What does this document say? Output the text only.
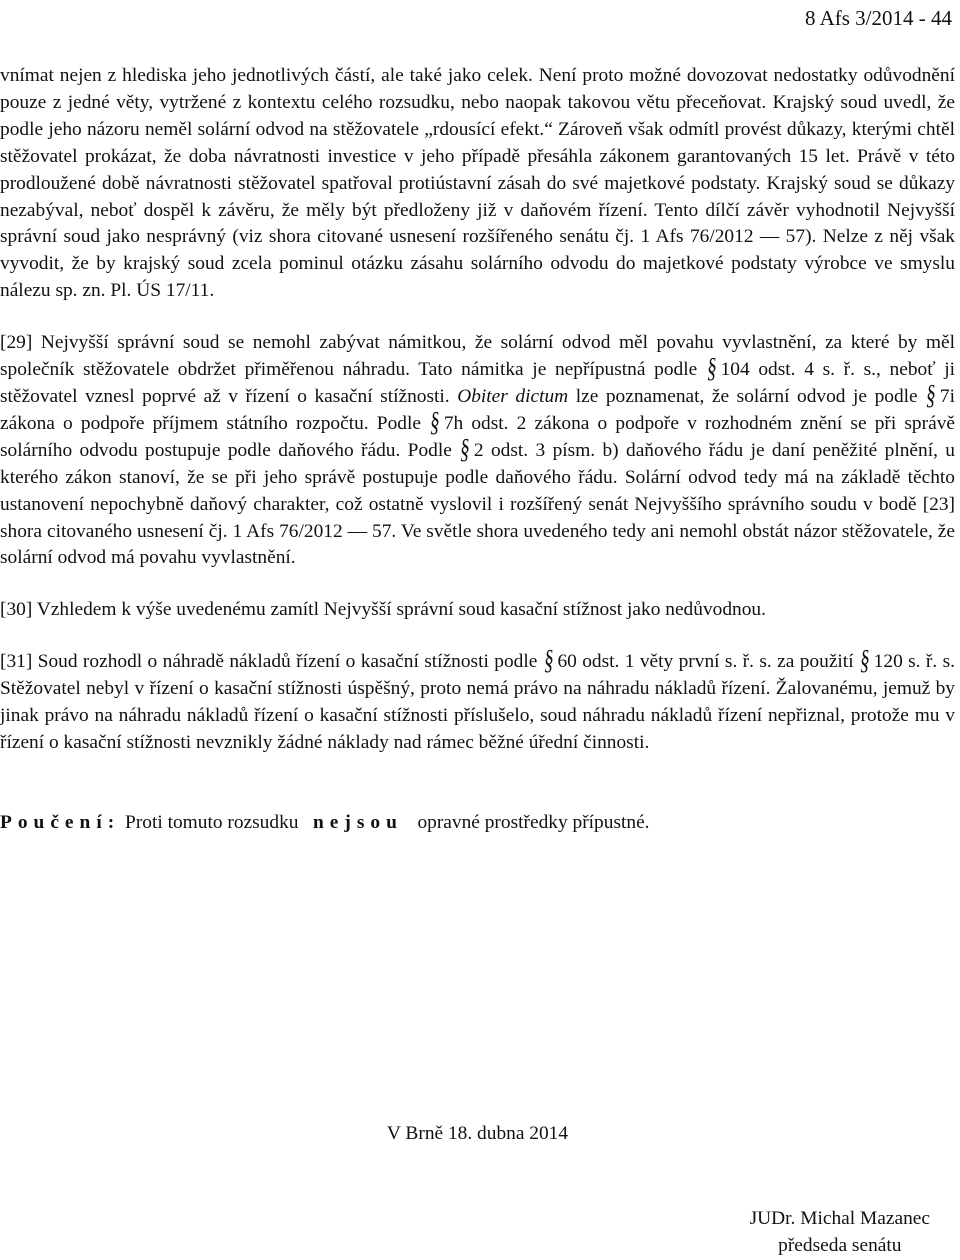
8 Afs 3/2014 - 44

vnímat nejen z hlediska jeho jednotlivých částí, ale také jako celek. Není proto možné dovozovat nedostatky odůvodnění pouze z jedné věty, vytržené z kontextu celého rozsudku, nebo naopak takovou větu přeceňovat. Krajský soud uvedl, že podle jeho názoru neměl solární odvod na stěžovatele „rdousící efekt.“ Zároveň však odmítl provést důkazy, kterými chtěl stěžovatel prokázat, že doba návratnosti investice v jeho případě přesáhla zákonem garantovaných 15 let. Právě v této prodloužené době návratnosti stěžovatel spatřoval protiústavní zásah do své majetkové podstaty. Krajský soud se důkazy nezabýval, neboť dospěl k závěru, že měly být předloženy již v daňovém řízení. Tento dílčí závěr vyhodnotil Nejvyšší správní soud jako nesprávný (viz shora citované usnesení rozšířeného senátu čj. 1 Afs 76/2012 — 57). Nelze z něj však vyvodit, že by krajský soud zcela pominul otázku zásahu solárního odvodu do majetkové podstaty výrobce ve smyslu nálezu sp. zn. Pl. ÚS 17/11.

[29] Nejvyšší správní soud se nemohl zabývat námitkou, že solární odvod měl povahu vyvlastnění, za které by měl společník stěžovatele obdržet přiměřenou náhradu. Tato námitka je nepřípustná podle § 104 odst. 4 s. ř. s., neboť ji stěžovatel vznesl poprvé až v řízení o kasační stížnosti. Obiter dictum lze poznamenat, že solární odvod je podle § 7i zákona o podpoře příjmem státního rozpočtu. Podle § 7h odst. 2 zákona o podpoře v rozhodném znění se při správě solárního odvodu postupuje podle daňového řádu. Podle § 2 odst. 3 písm. b) daňového řádu je daní peněžité plnění, u kterého zákon stanoví, že se při jeho správě postupuje podle daňového řádu. Solární odvod tedy má na základě těchto ustanovení nepochybně daňový charakter, což ostatně vyslovil i rozšířený senát Nejvyššího správního soudu v bodě [23] shora citovaného usnesení čj. 1 Afs 76/2012 — 57. Ve světle shora uvedeného tedy ani nemohl obstát názor stěžovatele, že solární odvod má povahu vyvlastnění.

[30] Vzhledem k výše uvedenému zamítl Nejvyšší správní soud kasační stížnost jako nedůvodnou.

[31] Soud rozhodl o náhradě nákladů řízení o kasační stížnosti podle § 60 odst. 1 věty první s. ř. s. za použití § 120 s. ř. s. Stěžovatel nebyl v řízení o kasační stížnosti úspěšný, proto nemá právo na náhradu nákladů řízení. Žalovanému, jemuž by jinak právo na náhradu nákladů řízení o kasační stížnosti příslušelo, soud náhradu nákladů řízení nepřiznal, protože mu v řízení o kasační stížnosti nevznikly žádné náklady nad rámec běžné úřední činnosti.

Poučení: Proti tomuto rozsudku nejsou opravné prostředky přípustné.

V Brně 18. dubna 2014
JUDr. Michal Mazanec
předseda senátu
